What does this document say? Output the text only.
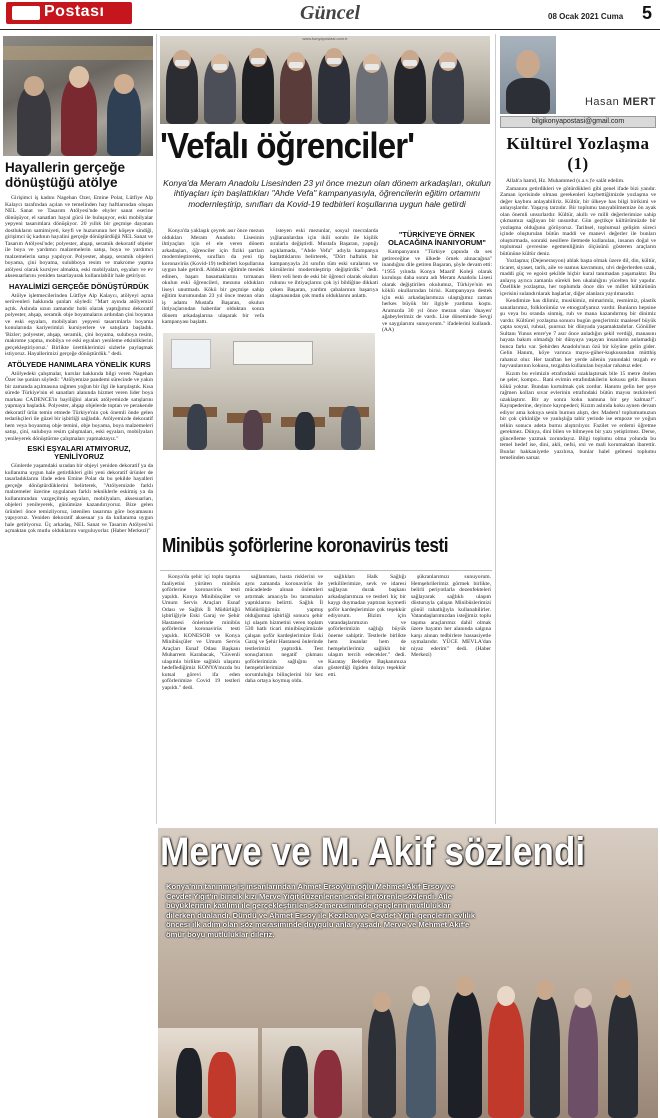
Postası	Güncel	08 Ocak 2021 Cuma 5
Hayallerin gerçeğe dönüştüğü atölye

Girişimci iş kadını Nagehan Özer, Emine Polat, Lütfiye Alp Kalaycı tarafından açılan ve temelinden hay haftlarından oluşan NEL Sanat ve Tasarım Atölyesi'nde ehyler sanat eserine dönüşüyor, el sanatları hayal gücü ile buluşuyor, eski mobilyalar yepyeni tasarımlara dönüşüyor. 20 yıllık bir geçmişe dayanan dostlukların samimiyeti, keyfi ve huzurunun her köşeye sindiği, girişimci üç kadının hayalini gerçeğe dönüştürdüğü NEL Sanat ve Tasarım Atölyesi'nde; polyester, ahşap, seramik dekoratif objeler ile boya ve yardımcı malzemelerin satışı, boya ve yardımcı malzemelerin satışı yapılıyor. Polyester, ahşap, seramik objeleri boyama, çini boyama, sulubboya resim ve makrome yapma atölyesi olarak kursiyer almakta, eski mobilyaları, eşyaları ve ev aksesuarlarını yeniden tasarlayarak kullanılabilir hale getiriyor.

HAYALİMİZİ GERÇEĞE DÖNÜŞTÜRDÜK

Atölye işletmecilerinden Lütfiye Alp Kalaycı, atölyeyi açma serüvenleri hakkında şunları söyledi: "Mart ayında atölyemizi açtık. Aslında uzun zamandır hobi olarak yaptığımız dekoratif polyester, ahşap, seramik obje boyamaların ardından çini boyama ve eski eşyaları, mobilyaları yepyeni tasarımlarla boyama konularında kariyerimizi kursiyerlere ve satışlara başladık. 'Bizler; polyester, ahşap, seramik, çini boyama, suluboya resim, makrome yapma, mobilya ve eski eşyaları yenileme etkinliklerini gerçekleştiriyoruz.' Birlikte ürettiklerimizi sizlerle paylaşmak istiyoruz. Hayallerimizi gerçeğe dönüştürdük." dedi.

ATÖLYEDE HANIMLARA YÖNELİK KURS

Atölyedeki çalışmalar, kurslar hakkında bilgi veren Nagehan Özer ise şunları söyledi: "Atölyemize pandemi sürecinde ve yakın bir zamanda açılmasına rağmen yoğun bir ilgi ile karşılaştık. Kısa sürede Türkiye'nin el sanatları alanında hizmet veren lider boya markası CADENCE'in bayiliğini alarak atölyemizde satışlarını yapmaya başladık. Polyester, ahşap objelerde toptan ve perakende dekoratif ürün temin etmede Türkiye'nin çok önemli önde gelen tedarikçileri ile güzel bir işbirliği sağladık. Atölyemizde dekoratif hem veya boyanmış obje temini, obje boyama, boya malzemeleri satışı, çini, suluboya resim çalışmaları, eski eşyaları, mobilyaları yenileyerek dönüştürme çalışmaları yapmaktayız."

ESKİ EŞYALARI ATMIYORUZ, YENİLİYORUZ

Günlerde yaşamdaki sıradan bir objeyi yeniden dekoratif ya da kullanıma uygun hale getirdikleri gibi yeni dekoratif ürünler de tasarladıklarını ifade eden Emine Polat da bu şekilde hayalleri gerçeğe dönüştürdüklerini belirterek, "Atölyemizde farklı malzemeler üzerine uygulanan farklı tekniklerle eskimiş ya da kullanımından vazgeçilmiş eşyaları, mobilyaları, aksesuarları, objeleri yenileyerek, günümüze kazandırıyoruz. Bize gelen ürünleri önce temizliyoruz, istenilen tasarıma göre boyamasını yapıyoruz. Yeniden dekoratif aksesuar ya da kullanıma uygun hale getiriyoruz. Üç arkadaş, NEL Sanat ve Tasarım Atölyesi'ni açmaktan çok mutlu olduklarını vurguluyorlar. (Haber Merkezi)"

www.konyapostasi.com.tr
'Vefalı öğrenciler'
Konya'da Meram Anadolu Lisesinden 23 yıl önce mezun olan dönem arkadaşları, okulun ihtiyaçları için başlattıkları "Ahde Vefa" kampanyasıyla, öğrencilerin eğitim ortamını modernleştirip, sınıfları da Kovid-19 tedbirleri koşullarına uygun hale getirdi

Konya'da yaklaşık çeyrek asır önce mezun oldukları Meram Anadolu Lisesinin ihtiyaçları için el ele veren dönem arkadaşları, öğrenciler için fiziki şartları modernleştirerek, sınıfları da yeni tip koronavirüs (Kovid-19) tedbirleri koşullarına uygun hale getirdi. Aldıkları eğitimle meslek edinen, başarı basamaklarını tırmanan okulun eski öğrencileri, mezunu oldukları liseyi unutmadı. Kökü bir geçmişe sahip eğitim kurumundan 23 yıl önce mezun olan iş adamı Mustafa Başaran, okulun ihtiyaçlarından haberdar olduktan sonra dönem arkadaşlarına ulaşarak bir vefa kampanyası başlattı.

isteyen eski mezunlar, sosyal mecralarda yığlananlardan için ikili sorabı ile kişilik sıralarla değiştirdi. Mustafa Başaran, yaptığı açıklamada, "Ahde Vefa" adıyla kampanya başlattıklarını belirterek, "Dört haftalık bir kampanyayla 24 sınıfın tüm eski sıralarını ve kürsülerini modernleştirip değiştirdik." dedi. Hem veli hem de eski bir öğrenci olarak okulun ruhunu ve ihtiyaçlarını çok iyi bildiğine dikkati çeken Başaran, yardım çabalarının başarıya ulaşmasından çok mutlu olduklarını anlattı.

"TÜRKİYE'YE ÖRNEK OLACAĞINA İNANIYORUM"

Kampanyanın "Türkiye çapında da ses getireceğine ve ülkede örnek alınacağına" inandığını dile getiren Başaran, şöyle devam etti: "1955 yılında Konya Maarif Koleji olarak kuruluşu daha sonra adı Meram Anadolu Lisesi olarak değiştirilen okulumuz, Türkiye'nin en köklü okullarından birisi. Kampanyaya destek için eski arkadaşlarımıza ulaştığımız zaman herkes büyük bir ilgiyle yardıma koştu. Aramızda 30 yıl önce mezun olan 'duayen' ağabeylerimiz de vardı. Lise döneminde Sevgi ve saygılarımı sunuyorum." ifadelerini kullandı. (AA)

Minibüs şoförlerine koronavirüs testi

Konya'da şehir içi toplu taşıma faaliyetini yürüten minibüs şoförlerine koronavirüs testi yapıldı. Konya Minibüsçüler ve Umum Servis Araçları Esnaf Odası ve Sağlık İl Müdürlüğü işbirliğiyle Eski Garaj ve Şehir Hastanesi önlerinde minibüs şoförlerine koronavirüs testi yapıldı. KONESOB ve Konya Minibüsçüler ve Umum Servis Araçları Esnaf Odası Başkanı Muharrem Karabacak, "Güvenli ulaşımla birlikte sağlıklı ulaşımı hedeflediğimiz KONYA'mızda bu kutsal görevi ifa eden şoförlerimize Covid 19 testleri yapıldı." dedi.

sağlanması, hasta risklerini ve aynı zamanda koronavirüs ile mücadelede alınan önlemleri artırmak amacıyla bu taramaları yaptıklarını belirtti. Sağlık İl Müdürlüğümüz yapmış olduğumuz işbirliği sonucu şehir içi ulaşım hizmetini veren toplam 530 hatlı ticari minibüsçümüzde çalışan şoför kardeşlerimize Eski Garaj ve Şehir Hastanesi önlerinde testlerimizi yaptırdık. Test sonuçlarının negatif çıkması şoförlerimizin sağlığını ve hemşehrilerimize olan sorumluluğu bilinçlerini bir kez daha ortaya koymuş oldu.

sağlıkları Halk Sağlığı yetkililerimize, sevk ve idaresi sağlayan durak başkanı arkadaşlarımıza ve testleri hiç bir kaygı duymadan yaptıran kıymetli şoför kardeşlerimize çok teşekkür ediyorum. Bizim için vatandaşlarımızın ve şoförlerimizin sağlığı büyük öneme sahiptir. Testlerle birlikte hem insanlar hem de hemşehrilerimiz sağlıklı bir ulaşım tercih edecekler." dedi. Karatay Belediye Başkanımıza gösterdiği ilgiden dolayı teşekkür etti.

şükranlarımızı sunuyorum. Hemşehrilerimiz görmek birlikte, belirli periyotlarla dezenfekteleri sağlayarak sağlıklı ulaşım düsturuyla çalışan Minibüslerimizi gönül rahatlığıyla kullanabilirler. Vatandaşlarımızdan isteğimiz toplu taşıma araçlarımız dahil olmak üzere hayatın her alanında salgına karşı alınan tedbirlere hassasiyetle uymalarıdır. YÜCE MEVLA'dan niyaz ederim" dedi. (Haber Merkezi)

Hasan MERT
bilgikonyapostasi@gmail.com
Kültürel Yozlaşma (1)

Allah'a hamd, Hz. Muhammed (s.a.v.)'e salât edelim.

Zamanını getirdikleri ve götürdükleri gibi genel ifade bizi yandır. Zaman içerisinde olması gerekenleri kaybettiğimizde yozlaşma ve değer kaybını anlayabiliriz. Kültür, bir ülkeye has bilgi birikimi ve anlayışlardır. Yaşayış tarzıdır. Bir toplumu tanıyabilmemize ön ayak olan önemli unsurlardır. Kültür, akıllı ve milli değerlerimize sahip çıkmamızı sağlayan bir unsurdur. Gün geçtikçe kültürümüzde bir yozlaşma olduğunu görüyoruz. Tarihsel, toplumsal gelişim süreci içinde oluşturulan bütün maddi ve manevi değerler ile bunları oluşturmada, sonraki nesillere iletmede kullanılan, insanın doğal ve toplumsal çevresine egemenliğinin ölçüsünü gösteren araçların bütününe kültür deniz.

Yozlaşma; (Dejenerasyon) ahlak başta olmak üzere dil, din, kültür, ticaret, siyaset, tarih, aile ve namus kavramını, ulvi değerlerden uzak, maddi güç ve egoist şekilde hiçbir kural tanımadan yaşamaktır. Bu anlayış ayrıca zamanla sürekli ben ukalalığını yücelten bir yapıdır. Özellikle yozlaşma, her toplumda önce din ve millet kültürünün içerisini sulandırılarak başlarlar, diğer alanlara yayılmasıdır.

Kendimize has dilimiz, musikimiz, mimarimiz, resmimiz, plastik sanatlarımız, folklorümüz ve etnografyamız vardır. Bunların hepsine şu veya bu oranda sinmiş, ruh ve mana kazandırmış bir dinimiz vardır. Kültürel yozlaşma sonucu bugün gençlerimiz maalesef büyük çapta sosyal, ruhsal, şuursuz bir dünyada yaşamaktadırlar. Gönüller Sultanı Yunus emre'ye 7 asır önce anladığın şekil verdiği, manasını hayata bakım olmadığı bir dünyaya yaşayan insanların anlamadığı bunca farkı var. Şehirden Anadolu'nun özü bir köyüne gelin gider. Gelin Hanım, köye varınca mayıs-güher-kuşkusundan mütthiş rahatsız olur. Her taraftan her yerde ailenin yanındaki tezgah ev hayvanlarının kokusu, tezgahta kullanılan boyalar rahatsız eder.

Kızım bu evimizin etrafındaki uzaklaştırsak bile 15 metre ötelen ne şeler, kompo... Rani evimin etrafındakilerin kokusu gelir. Bunun kökü yoktur. Bundan kurtulmak çok zordur. Hanımı gelin her şeye rağmen kolları sıvar evlerinin etrafındaki bütün mayısı tezkireleri uzaklaştırır. Bir ay sonra koku namuna bir şey kalmaz!". Kaynpederine, deyince kaynpederi; Kızım aslında koku aynen devam ediyor ama kokuya senin burnun alıştı, der. Madem! toplumumuzun bir çok çirkinliğe ve yanlışlığa tabir yerinde ise empoze ve yoğun telkin sonucu adeta burnu alıştırılıyor. Fazilet ve erdemi öğretme gerekmez. Dünya, dini bilen ve bilmeyen bir yazı yetiştirmez. Derse, güncelleme yazmak zorundayız. Bilgi toplumu olma yolunda bu temel hedef ise, dini, akli, nefsi, ırsi ve mali korumaktan ibarettir. Bunlar hakkaniyetle yazılırsa, bunlar halel gelmesi toplumu temelinden sarsar.

Merve ve M. Akif sözlendi
Konya'nın tanınmış iş insanlarından Ahmet Ersoy'un oğlu Mehmet Akif Ersoy ve Cevdet Yiğit'in biricik kızı Merve Yiğit düzenlenen sade bir törenle sözlendi. Aile büyüklerinin katılımı ile gerçekleştirilen söz merasiminde gençlerin mutluluklar dilerken dualandı. Dündü ve Ahmet Ersoy ile Keziban ve Cevdet Yiğit, gençlerin evlilik öncesi ilk adım olan söz merasiminde duygulu anlar yaşadı. Merve ve Mehmet Akif'e ömür boyu mutluluklar dileriz.
